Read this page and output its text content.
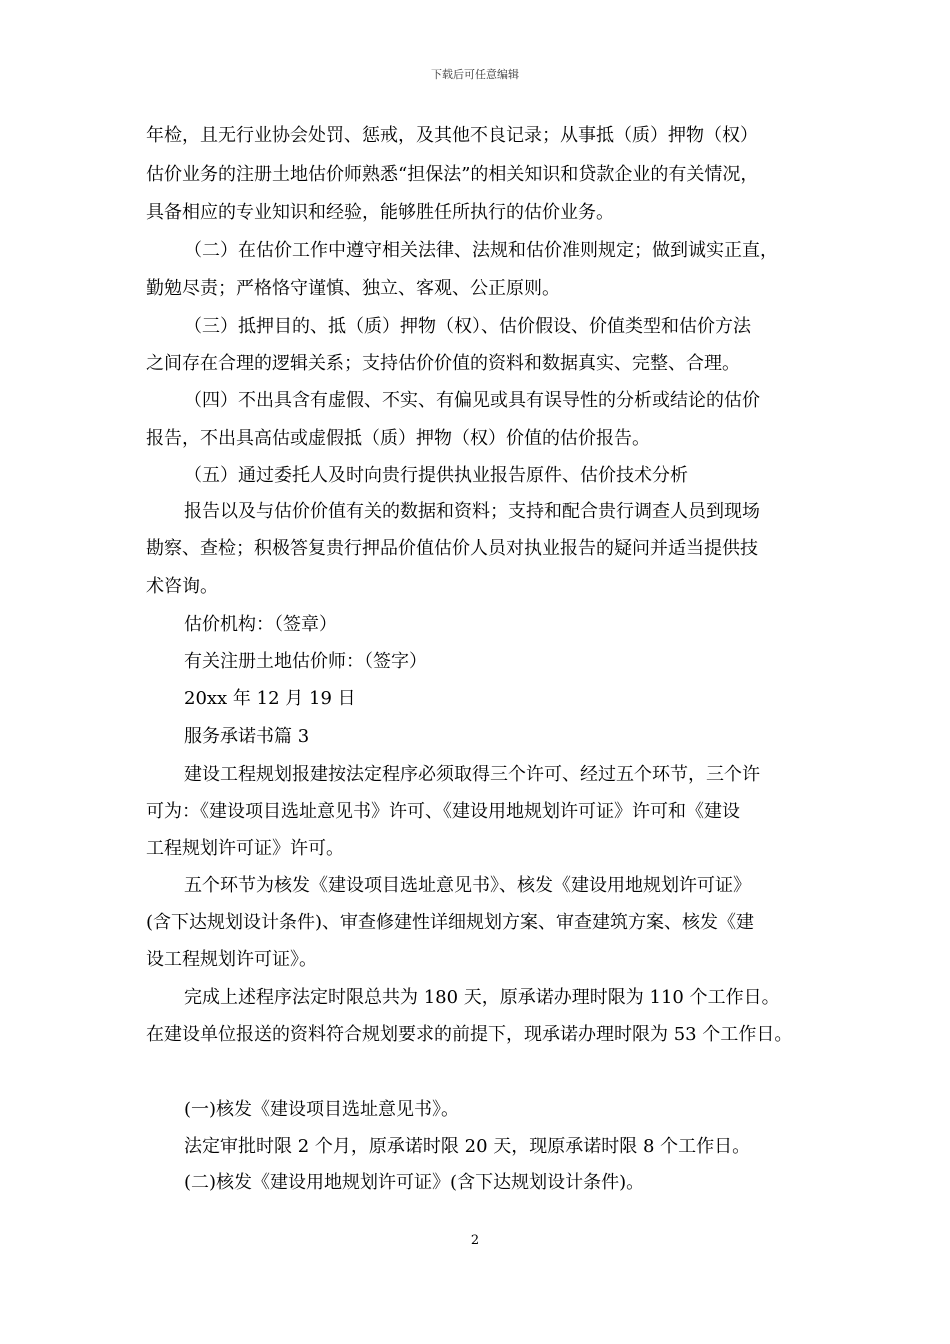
下载后可任意编辑
年检，且无行业协会处罚、惩戒，及其他不良记录；从事抵（质）押物（权）
估价业务的注册土地估价师熟悉“担保法”的相关知识和贷款企业的有关情况，
具备相应的专业知识和经验，能够胜任所执行的估价业务。
（二）在估价工作中遵守相关法律、法规和估价准则规定；做到诚实正直，
勤勉尽责；严格恪守谨慎、独立、客观、公正原则。
（三）抵押目的、抵（质）押物（权）、估价假设、价值类型和估价方法
之间存在合理的逻辑关系；支持估价价值的资料和数据真实、完整、合理。
（四）不出具含有虚假、不实、有偏见或具有误导性的分析或结论的估价
报告，不出具高估或虚假抵（质）押物（权）价值的估价报告。
（五）通过委托人及时向贵行提供执业报告原件、估价技术分析
报告以及与估价价值有关的数据和资料；支持和配合贵行调查人员到现场
勘察、查检；积极答复贵行押品价值估价人员对执业报告的疑问并适当提供技
术咨询。
估价机构：（签章）
有关注册土地估价师：（签字）
20xx 年 12 月 19 日
服务承诺书篇 3
建设工程规划报建按法定程序必须取得三个许可、经过五个环节，三个许
可为：《建设项目选址意见书》许可、《建设用地规划许可证》许可和《建设
工程规划许可证》许可。
五个环节为核发《建设项目选址意见书》、核发《建设用地规划许可证》
(含下达规划设计条件)、审查修建性详细规划方案、审查建筑方案、核发《建
设工程规划许可证》。
完成上述程序法定时限总共为 180 天，原承诺办理时限为 110 个工作日。
在建设单位报送的资料符合规划要求的前提下，现承诺办理时限为 53 个工作日。
(一)核发《建设项目选址意见书》。
法定审批时限 2 个月，原承诺时限 20 天，现原承诺时限 8 个工作日。
(二)核发《建设用地规划许可证》(含下达规划设计条件)。
2
